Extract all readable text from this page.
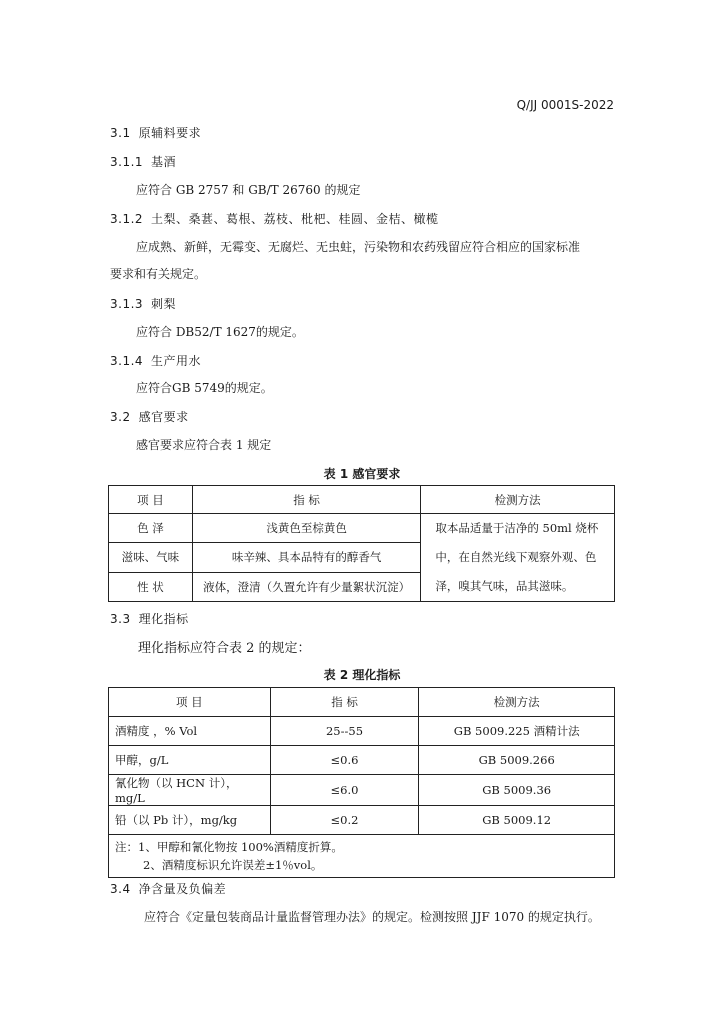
Q/JJ 0001S-2022
3.1 原辅料要求
3.1.1 基酒
应符合 GB 2757 和 GB/T 26760 的规定
3.1.2 土梨、桑葚、葛根、荔枝、枇杷、桂圆、金桔、橄榄
应成熟、新鲜，无霉变、无腐烂、无虫蛀，污染物和农药残留应符合相应的国家标准
要求和有关规定。
3.1.3 刺梨
应符合 DB52/T 1627的规定。
3.1.4 生产用水
应符合GB 5749的规定。
3.2 感官要求
感官要求应符合表 1 规定
表 1 感官要求
项 目	指 标	检测方法
色 泽	浅黄色至棕黄色	取本品适量于洁净的 50ml 烧杯中，在自然光线下观察外观、色泽，嗅其气味，品其滋味。
滋味、气味	味辛辣、具本品特有的醇香气	
性 状	液体，澄清（久置允许有少量絮状沉淀）	
3.3 理化指标
理化指标应符合表 2 的规定：
表 2 理化指标
项 目	指 标	检测方法
酒精度 ，% Vol	25--55	GB 5009.225 酒精计法
甲醇，g/L	≤0.6	GB 5009.266
氰化物（以 HCN 计），mg/L	≤6.0	GB 5009.36
铅（以 Pb 计），mg/kg	≤0.2	GB 5009.12

注：1、甲醇和氰化物按 100%酒精度折算。
2、酒精度标识允许误差±1％vol。		
3.4 净含量及负偏差
应符合《定量包装商品计量监督管理办法》的规定。检测按照 JJF 1070 的规定执行。
